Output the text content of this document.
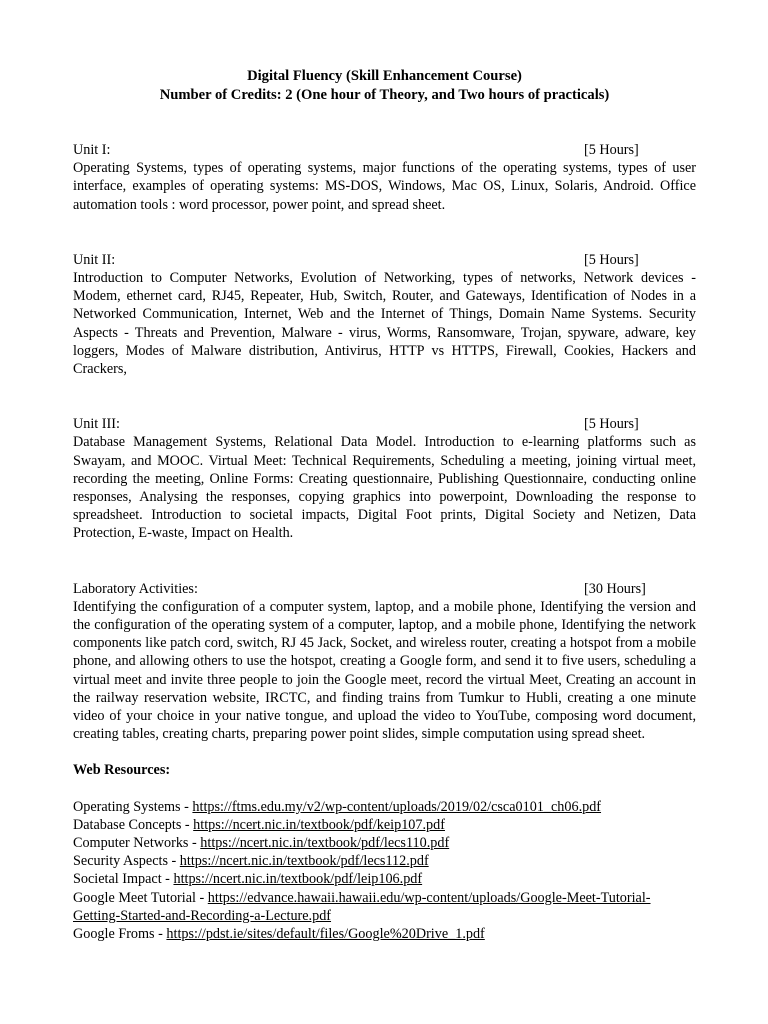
Digital Fluency (Skill Enhancement Course)
Number of Credits: 2 (One hour of Theory, and Two hours of practicals)
Unit I:	[5 Hours]
Operating Systems, types of operating systems, major functions of the operating systems, types of user interface, examples of operating systems: MS-DOS, Windows, Mac OS, Linux, Solaris, Android. Office automation tools : word processor, power point, and spread sheet.
Unit II:	[5 Hours]
Introduction to Computer Networks, Evolution of Networking, types of networks, Network devices - Modem, ethernet card, RJ45, Repeater, Hub, Switch, Router, and Gateways, Identification of Nodes in a Networked Communication, Internet, Web and the Internet of Things, Domain Name Systems. Security Aspects - Threats and Prevention, Malware - virus, Worms, Ransomware, Trojan, spyware, adware, key loggers, Modes of Malware distribution, Antivirus, HTTP vs HTTPS, Firewall, Cookies, Hackers and Crackers,
Unit III:	[5 Hours]
Database Management Systems, Relational Data Model. Introduction to e-learning platforms such as Swayam, and MOOC. Virtual Meet: Technical Requirements, Scheduling a meeting, joining virtual meet, recording the meeting, Online Forms: Creating questionnaire, Publishing Questionnaire, conducting online responses, Analysing the responses, copying graphics into powerpoint, Downloading the response to spreadsheet. Introduction to societal impacts, Digital Foot prints, Digital Society and Netizen, Data Protection, E-waste, Impact on Health.
Laboratory Activities:	[30 Hours]
Identifying the configuration of a computer system, laptop, and a mobile phone, Identifying the version and the configuration of the operating system of a computer, laptop, and a mobile phone, Identifying the network components like patch cord, switch, RJ 45 Jack, Socket, and wireless router, creating a hotspot from a mobile phone, and allowing others to use the hotspot, creating a Google form, and send it to five users, scheduling a virtual meet and invite three people to join the Google meet, record the virtual Meet, Creating an account in the railway reservation website, IRCTC, and finding trains from Tumkur to Hubli, creating a one minute video of your choice in your native tongue, and upload the video to YouTube, composing word document, creating tables, creating charts, preparing power point slides, simple computation using spread sheet.
Web Resources:
Operating Systems - https://ftms.edu.my/v2/wp-content/uploads/2019/02/csca0101_ch06.pdf
Database Concepts - https://ncert.nic.in/textbook/pdf/keip107.pdf
Computer Networks - https://ncert.nic.in/textbook/pdf/lecs110.pdf
Security Aspects - https://ncert.nic.in/textbook/pdf/lecs112.pdf
Societal Impact - https://ncert.nic.in/textbook/pdf/leip106.pdf
Google Meet Tutorial - https://edvance.hawaii.hawaii.edu/wp-content/uploads/Google-Meet-Tutorial-Getting-Started-and-Recording-a-Lecture.pdf
Google Froms - https://pdst.ie/sites/default/files/Google%20Drive_1.pdf
